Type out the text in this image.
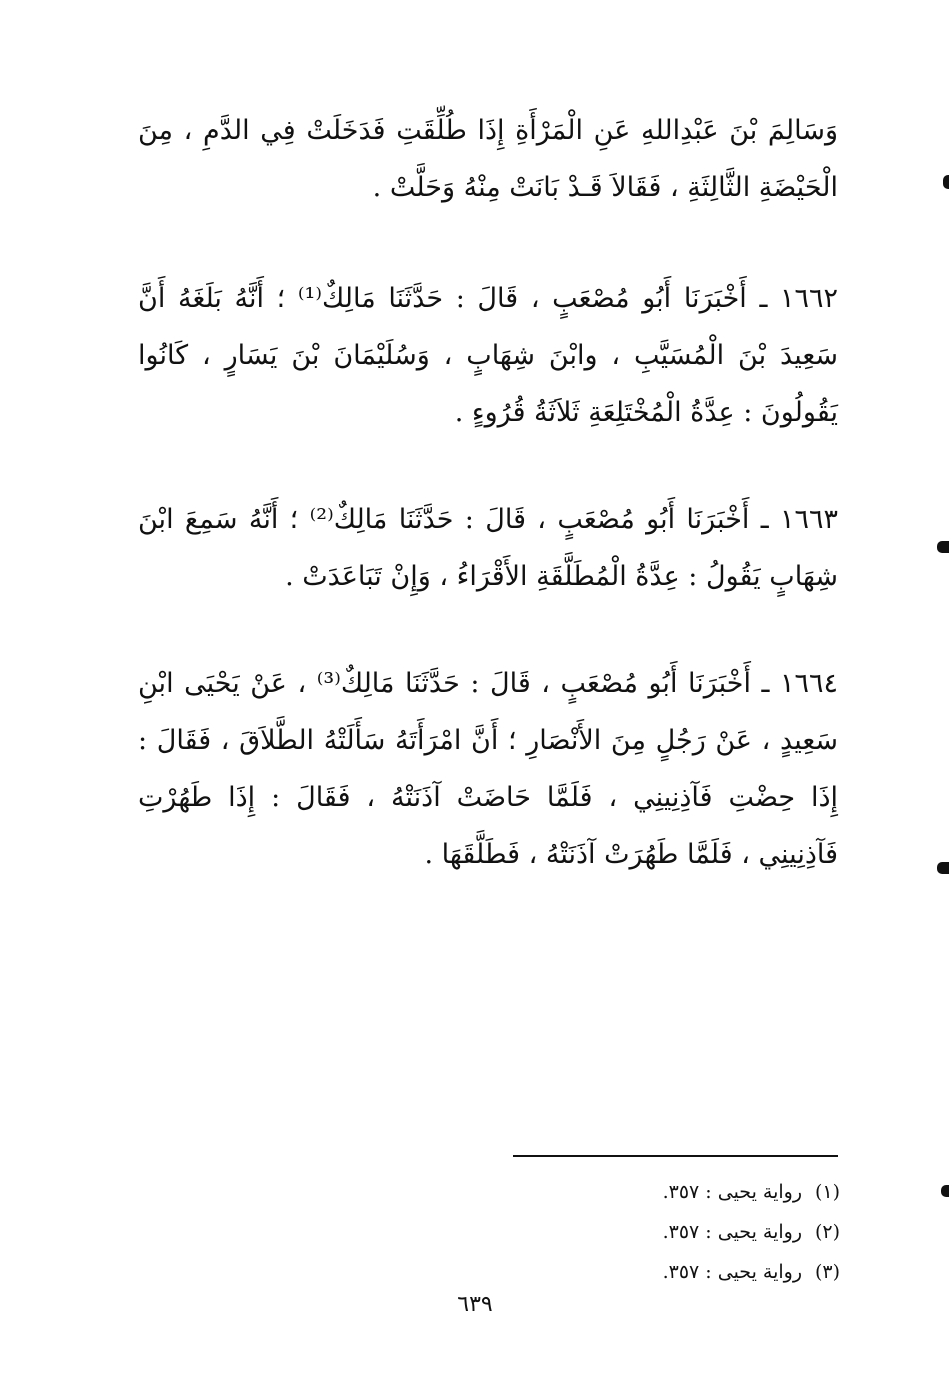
وَسَالِمَ بْنَ عَبْدِاللهِ عَنِ الْمَرْأَةِ إِذَا طُلِّقَتِ فَدَخَلَتْ فِي الدَّمِ ، مِنَ الْحَيْضَةِ الثَّالِثَةِ ، فَقَالاَ قَـدْ بَانَتْ مِنْهُ وَحَلَّتْ .

١٦٦٢ ـ أَخْبَرَنَا أَبُو مُصْعَبٍ ، قَالَ : حَدَّثَنَا مَالِكٌ⁽¹⁾ ؛ أَنَّهُ بَلَغَهُ أَنَّ سَعِيدَ بْنَ الْمُسَيَّبِ ، وابْنَ شِهَابٍ ، وَسُلَيْمَانَ بْنَ يَسَارٍ ، كَانُوا يَقُولُونَ : عِدَّةُ الْمُخْتَلِعَةِ ثَلاَثَةُ قُرُوءٍ .

١٦٦٣ ـ أَخْبَرَنَا أَبُو مُصْعَبٍ ، قَالَ : حَدَّثَنَا مَالِكٌ⁽²⁾ ؛ أَنَّهُ سَمِعَ ابْنَ شِهَابٍ يَقُولُ : عِدَّةُ الْمُطَلَّقَةِ الأَقْرَاءُ ، وَإِنْ تَبَاعَدَتْ .

١٦٦٤ ـ أَخْبَرَنَا أَبُو مُصْعَبٍ ، قَالَ : حَدَّثَنَا مَالِكٌ⁽³⁾ ، عَنْ يَحْيَى ابْنِ سَعِيدٍ ، عَنْ رَجُلٍ مِنَ الأَنْصَارِ ؛ أَنَّ امْرَأَتَهُ سَأَلَتْهُ الطَّلاَقَ ، فَقَالَ : إِذَا حِضْتِ فَآذِنِينِي ، فَلَمَّا حَاضَتْ آذَنَتْهُ ، فَقَالَ : إِذَا طَهُرْتِ فَآذِنِينِي ، فَلَمَّا طَهُرَتْ آذَنَتْهُ ، فَطَلَّقَهَا .

(١)
رواية يحيى : ٣٥٧.
(٢)
رواية يحيى : ٣٥٧.
(٣)
رواية يحيى : ٣٥٧.
٦٣٩
